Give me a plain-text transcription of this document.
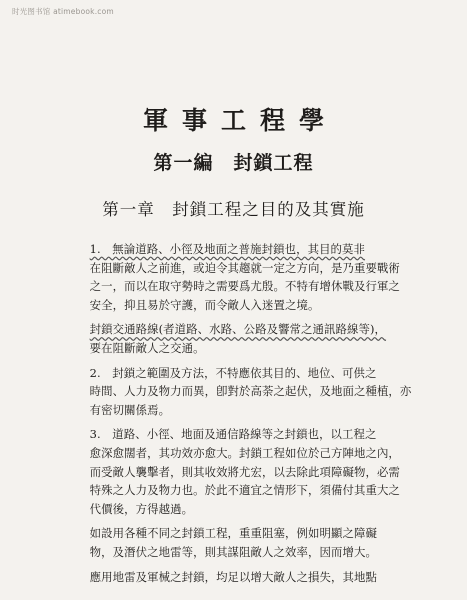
时光图书馆 atimebook.com
軍事工程學
第一編　封鎖工程
第一章　封鎖工程之目的及其實施
1.　無論道路、小徑及地面之普施封鎖也，其目的莫非
在阻斷敵人之前進，或迫令其趨就一定之方向，是乃重要戰術
之一，而以在取守勢時之需要爲尤殷。不特有增休戰及行軍之
安全，抑且易於守護，而令敵人入迷置之境。
封鎖交通路線(者道路、水路、公路及響常之通訊路線等)，
要在阻斷敵人之交通。
2.　封鎖之範圍及方法，不特應依其目的、地位、可供之
時間、人力及物力而異，卽對於高荼之起伏，及地面之種植，亦
有密切關係焉。
3.　道路、小徑、地面及通信路線等之封鎖也，以工程之
愈深愈闊者，其功效亦愈大。封鎖工程如位於己方陣地之內，
而受敵人襲擊者，則其收效將尤宏，以去除此項障礙物，必需
特殊之人力及物力也。於此不適宜之情形下，須備付其重大之
代價後，方得越過。
如設用各種不同之封鎖工程，重重阻塞，例如明顯之障礙
物，及潛伏之地雷等，則其謀阻敵人之效率，因而增大。
應用地雷及軍械之封鎖，均足以增大敵人之損失，其地點
